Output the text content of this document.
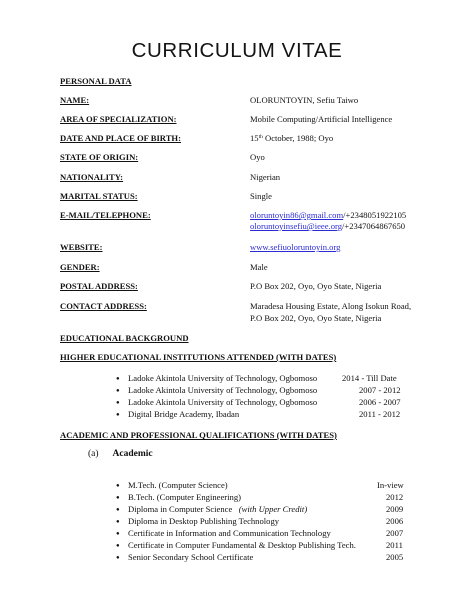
CURRICULUM VITAE
PERSONAL DATA
NAME:	OLORUNTOYIN, Sefiu Taiwo
AREA OF SPECIALIZATION:	Mobile Computing/Artificial Intelligence
DATE AND PLACE OF BIRTH:	15th October, 1988; Oyo
STATE OF ORIGIN:	Oyo
NATIONALITY:	Nigerian
MARITAL STATUS:	Single
E-MAIL/TELEPHONE:	oloruntoyin86@gmail.com/+2348051922105
oloruntoyinsefiu@ieee.org/+2347064867650
WEBSITE:	www.sefiuoloruntoyin.org
GENDER:	Male
POSTAL ADDRESS:	P.O Box 202, Oyo, Oyo State, Nigeria
CONTACT ADDRESS:	Maradesa Housing Estate, Along Isokun Road,
P.O Box 202, Oyo, Oyo State, Nigeria
EDUCATIONAL BACKGROUND
HIGHER EDUCATIONAL INSTITUTIONS ATTENDED (WITH DATES)
● Ladoke Akintola University of Technology, Ogbomoso	2014 - Till Date
● Ladoke Akintola University of Technology, Ogbomoso	2007 - 2012
● Ladoke Akintola University of Technology, Ogbomoso	2006 - 2007
● Digital Bridge Academy, Ibadan	2011 - 2012
ACADEMIC AND PROFESSIONAL QUALIFICATIONS (WITH DATES)
(a) Academic
● M.Tech. (Computer Science)	In-view
● B.Tech. (Computer Engineering)	2012
● Diploma in Computer Science (with Upper Credit)	2009
● Diploma in Desktop Publishing Technology	2006
● Certificate in Information and Communication Technology	2007
● Certificate in Computer Fundamental & Desktop Publishing Tech.	2011
● Senior Secondary School Certificate	2005
